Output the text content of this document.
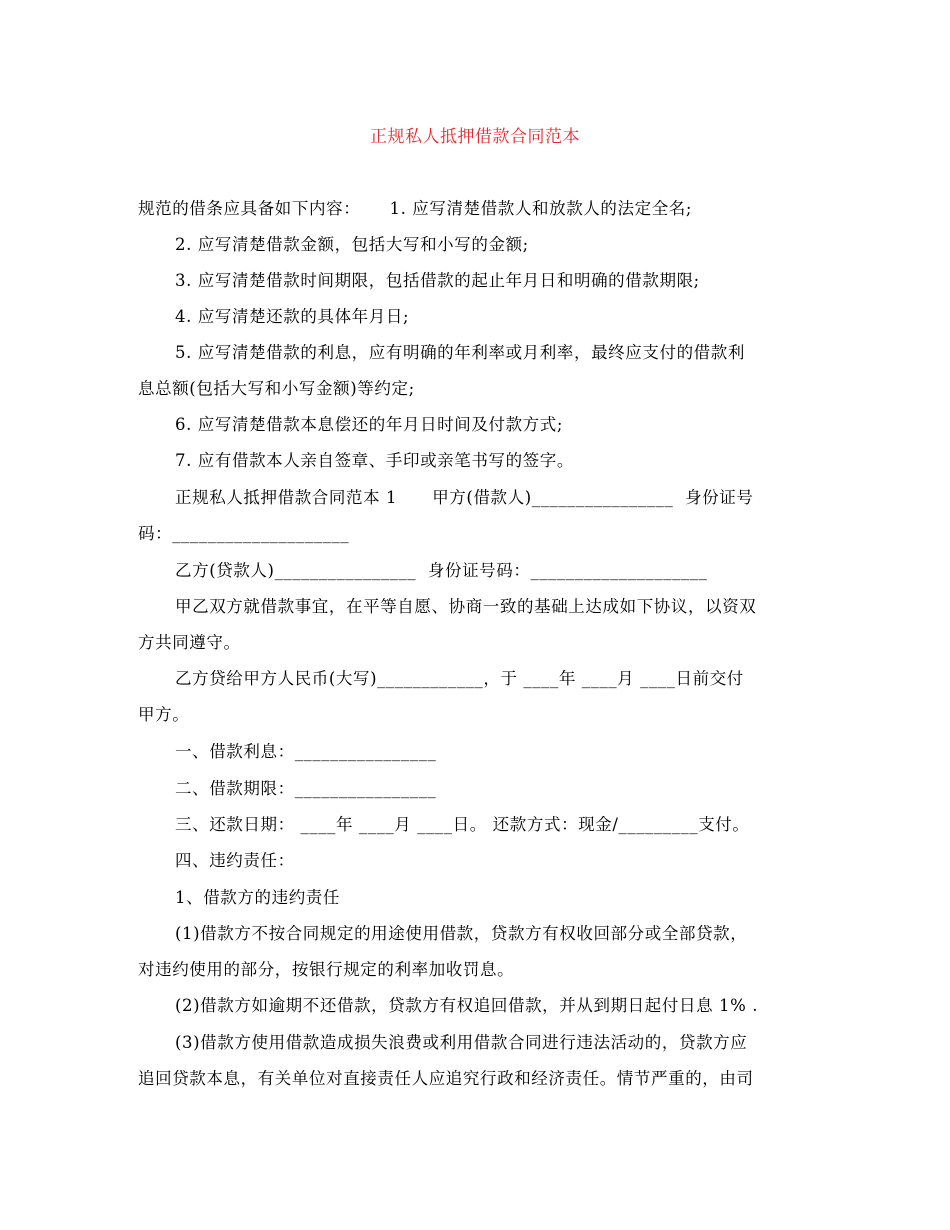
正规私人抵押借款合同范本
规范的借条应具备如下内容：     1. 应写清楚借款人和放款人的法定全名;
2. 应写清楚借款金额，包括大写和小写的金额;
3. 应写清楚借款时间期限，包括借款的起止年月日和明确的借款期限;
4. 应写清楚还款的具体年月日;
5. 应写清楚借款的利息，应有明确的年利率或月利率，最终应支付的借款利
息总额(包括大写和小写金额)等约定;
6. 应写清楚借款本息偿还的年月日时间及付款方式;
7. 应有借款本人亲自签章、手印或亲笔书写的签字。
正规私人抵押借款合同范本 1      甲方(借款人)________________  身份证号
码：____________________
乙方(贷款人)________________  身份证号码：____________________
甲乙双方就借款事宜，在平等自愿、协商一致的基础上达成如下协议，以资双
方共同遵守。
乙方贷给甲方人民币(大写)____________，于 ____年 ____月 ____日前交付
甲方。
一、借款利息：________________
二、借款期限：________________
三、还款日期： ____年 ____月 ____日。 还款方式：现金/_________支付。
四、违约责任：
1、借款方的违约责任
(1)借款方不按合同规定的用途使用借款，贷款方有权收回部分或全部贷款，
对违约使用的部分，按银行规定的利率加收罚息。
(2)借款方如逾期不还借款，贷款方有权追回借款，并从到期日起付日息 1% .
(3)借款方使用借款造成损失浪费或利用借款合同进行违法活动的，贷款方应
追回贷款本息，有关单位对直接责任人应追究行政和经济责任。情节严重的，由司
